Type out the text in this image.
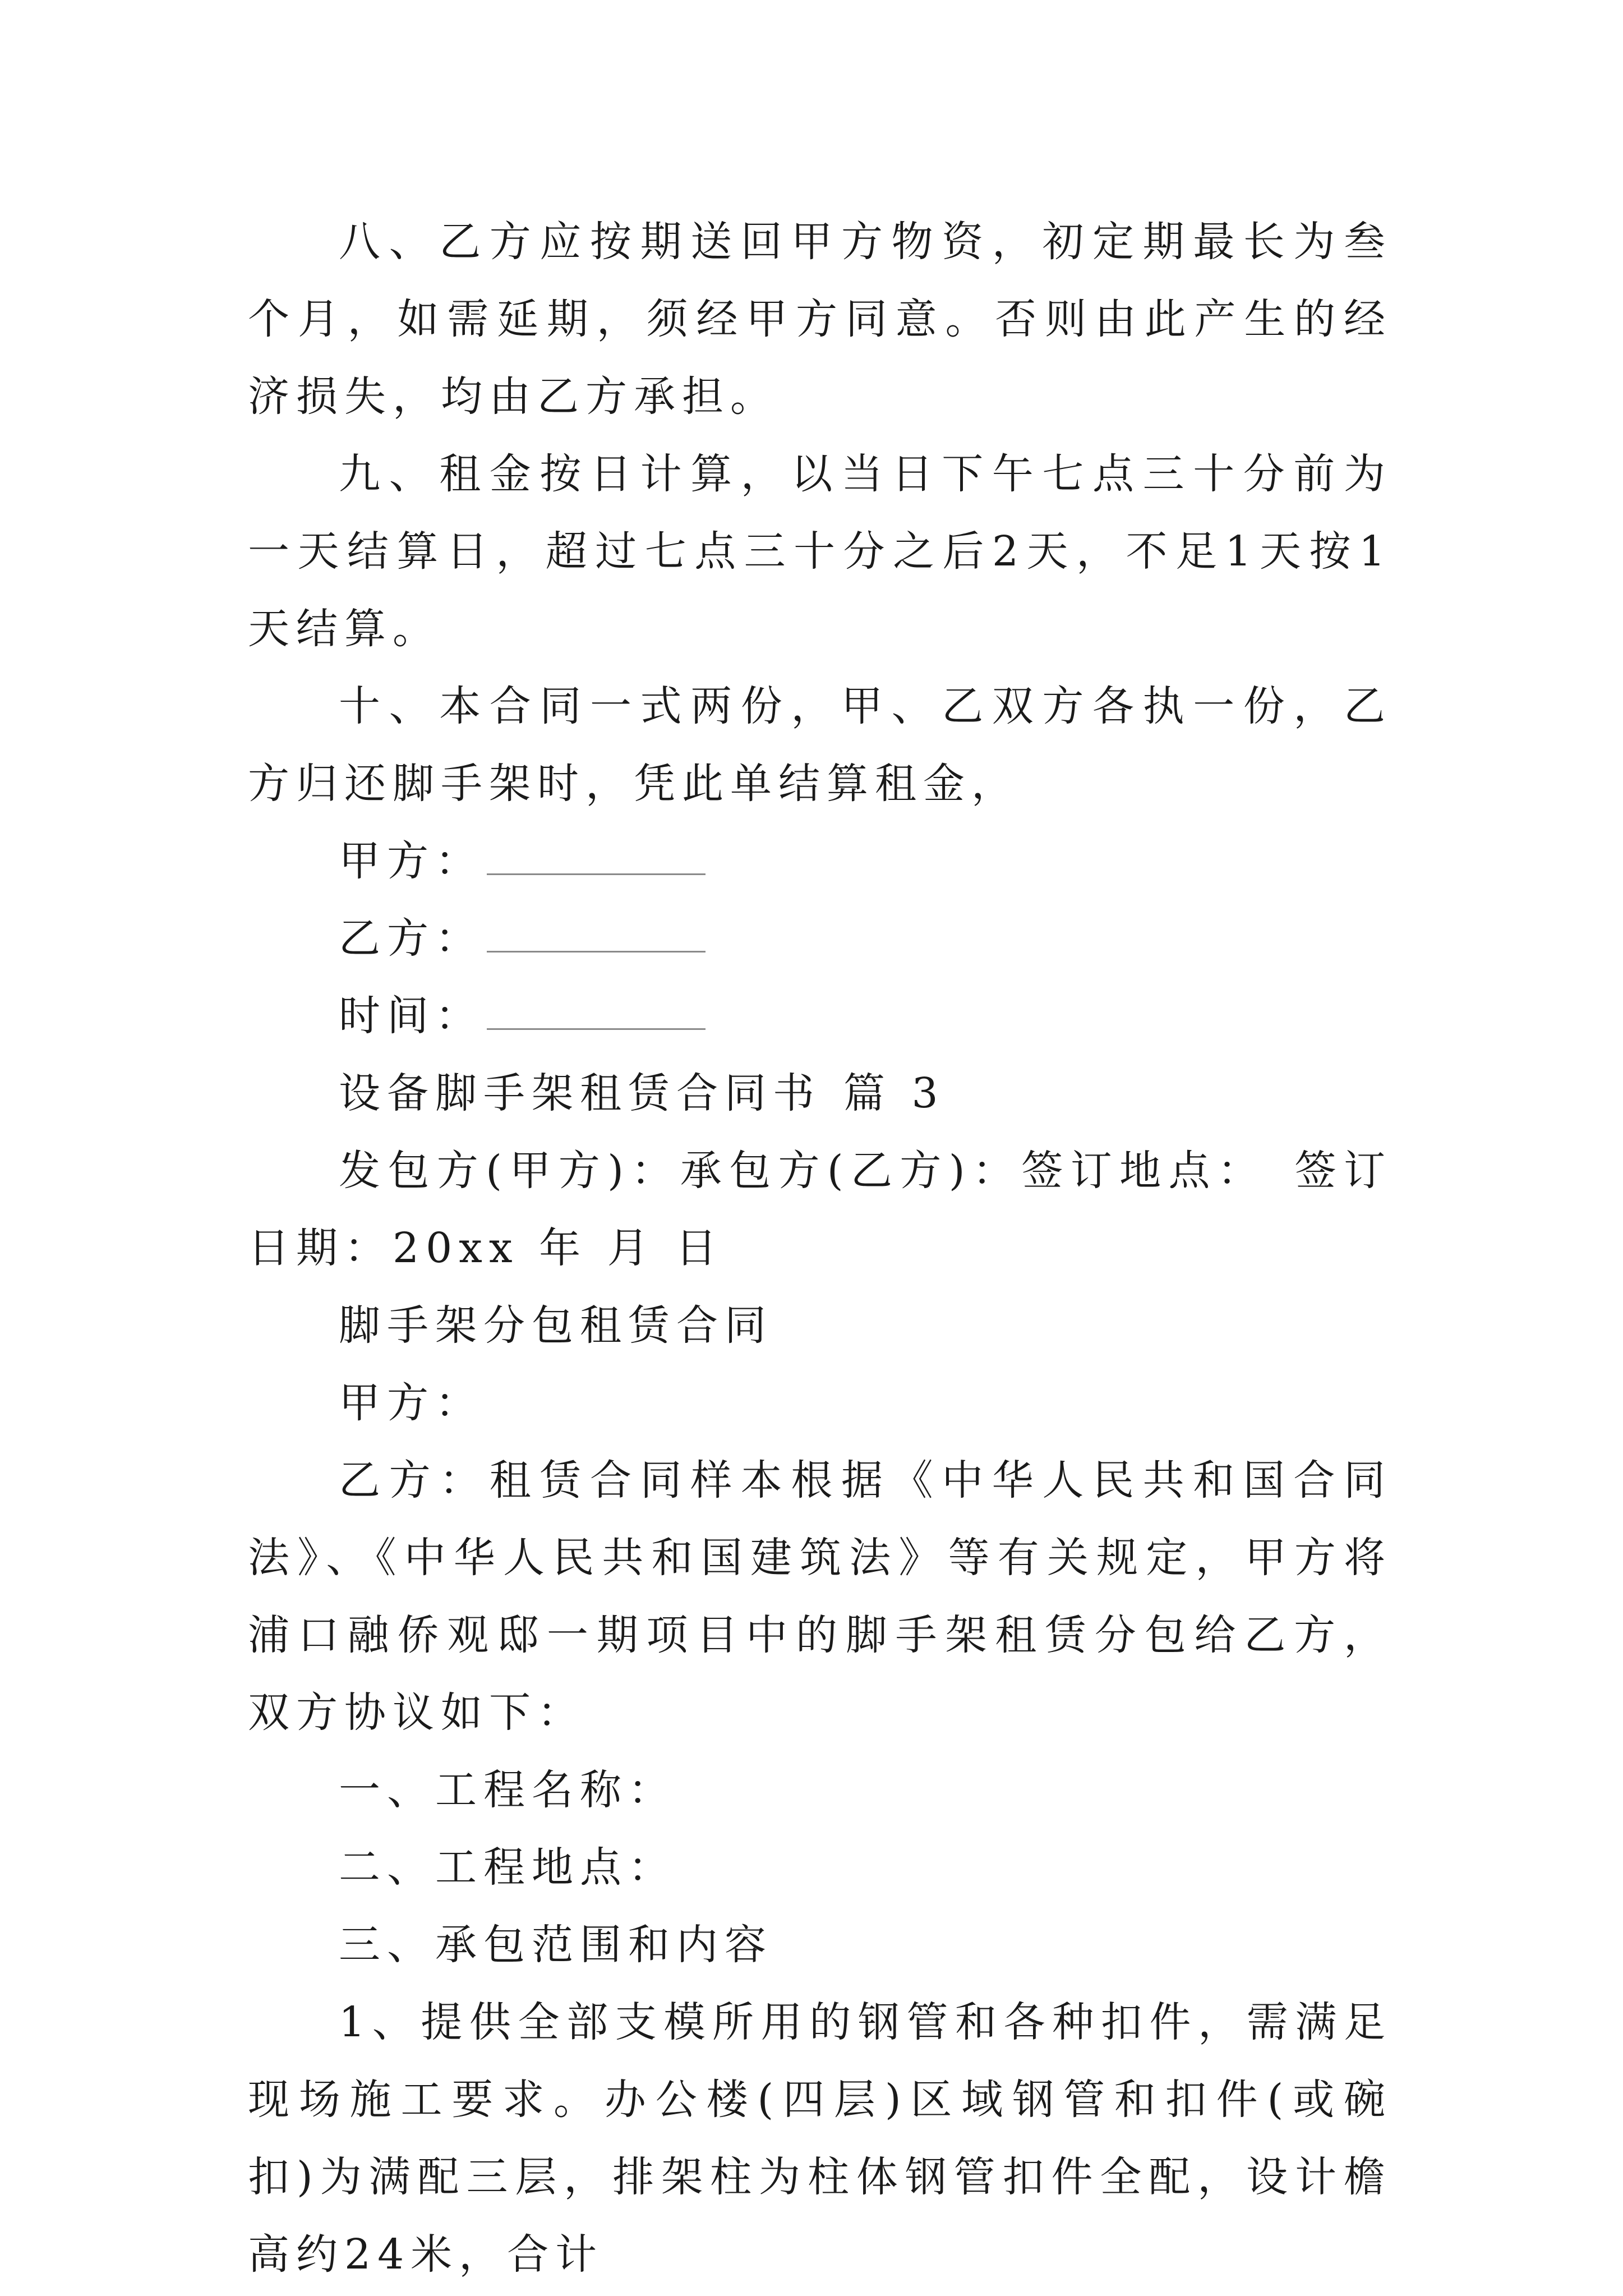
八、乙方应按期送回甲方物资，初定期最长为叁个月，如需延期，须经甲方同意。否则由此产生的经济损失，均由乙方承担。

九、租金按日计算，以当日下午七点三十分前为一天结算日，超过七点三十分之后2天，不足1天按1天结算。

十、本合同一式两份，甲、乙双方各执一份，乙方归还脚手架时，凭此单结算租金，

甲方：

乙方：

时间：

设备脚手架租赁合同书 篇 3

发包方(甲方)：承包方(乙方)：签订地点：　签订日期：20xx 年 月 日

脚手架分包租赁合同

甲方：

乙方：租赁合同样本根据《中华人民共和国合同法》、《中华人民共和国建筑法》等有关规定，甲方将浦口融侨观邸一期项目中的脚手架租赁分包给乙方，双方协议如下：

一、工程名称：

二、工程地点：

三、承包范围和内容

1、提供全部支模所用的钢管和各种扣件，需满足现场施工要求。办公楼(四层)区域钢管和扣件(或碗扣)为满配三层，排架柱为柱体钢管扣件全配，设计檐高约24米，合计
